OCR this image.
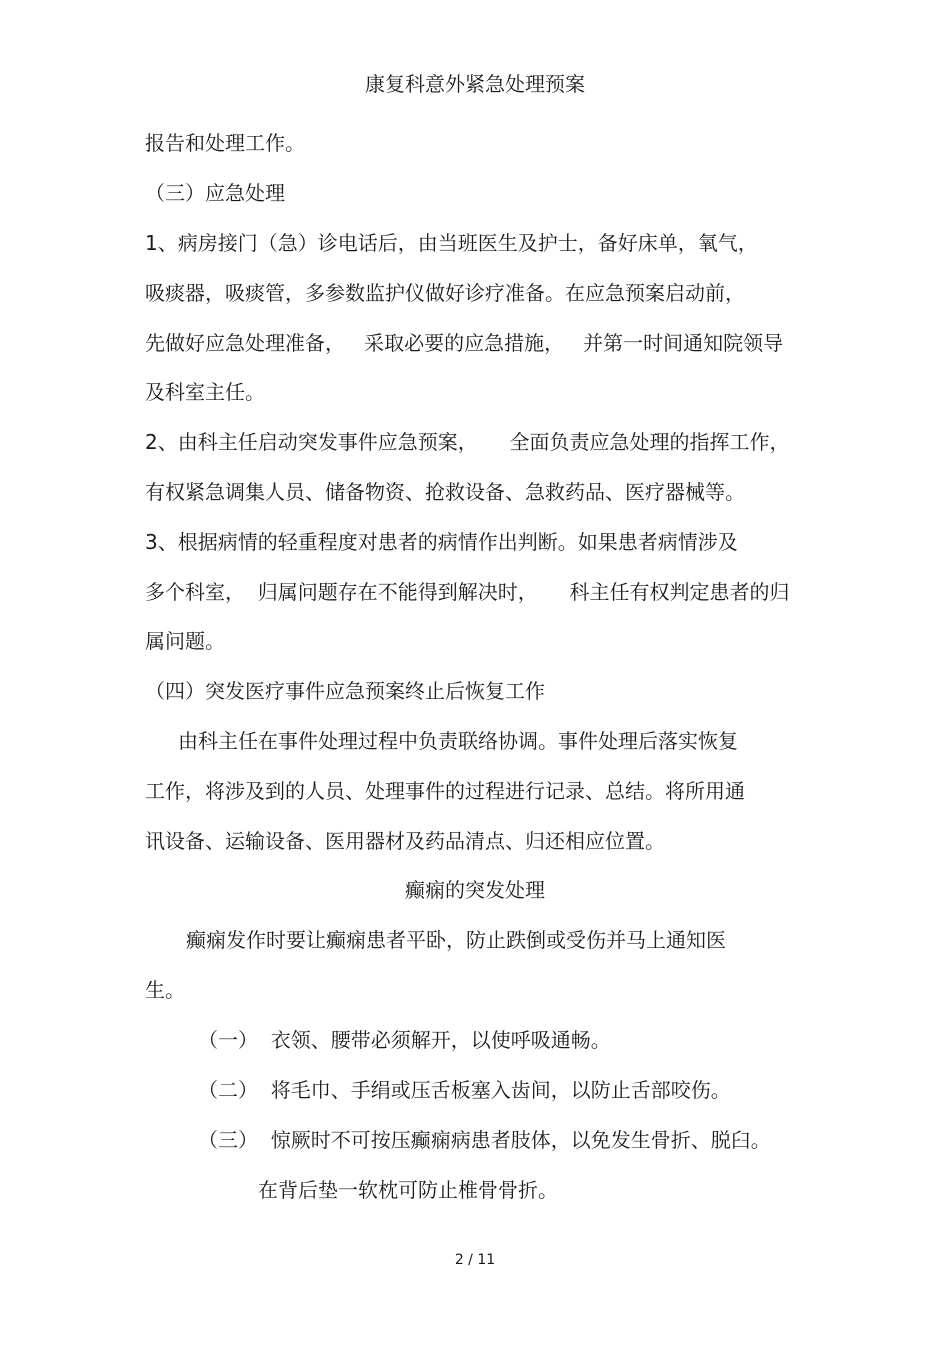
康复科意外紧急处理预案
报告和处理工作。
（三）应急处理
1、病房接门（急）诊电话后，由当班医生及护士，备好床单，氧气，
吸痰器，吸痰管，多参数监护仪做好诊疗准备。在应急预案启动前，
先做好应急处理准备，   采取必要的应急措施，   并第一时间通知院领导
及科室主任。
2、由科主任启动突发事件应急预案，     全面负责应急处理的指挥工作，
有权紧急调集人员、储备物资、抢救设备、急救药品、医疗器械等。
3、根据病情的轻重程度对患者的病情作出判断。如果患者病情涉及
多个科室，  归属问题存在不能得到解决时，     科主任有权判定患者的归
属问题。
（四）突发医疗事件应急预案终止后恢复工作
由科主任在事件处理过程中负责联络协调。事件处理后落实恢复
工作，将涉及到的人员、处理事件的过程进行记录、总结。将所用通
讯设备、运输设备、医用器材及药品清点、归还相应位置。
癫痫的突发处理
癫痫发作时要让癫痫患者平卧，防止跌倒或受伤并马上通知医
生。
（一）  衣领、腰带必须解开，以使呼吸通畅。
（二）  将毛巾、手绢或压舌板塞入齿间，以防止舌部咬伤。
（三）  惊厥时不可按压癫痫病患者肢体，以免发生骨折、脱臼。
在背后垫一软枕可防止椎骨骨折。
2 / 11
